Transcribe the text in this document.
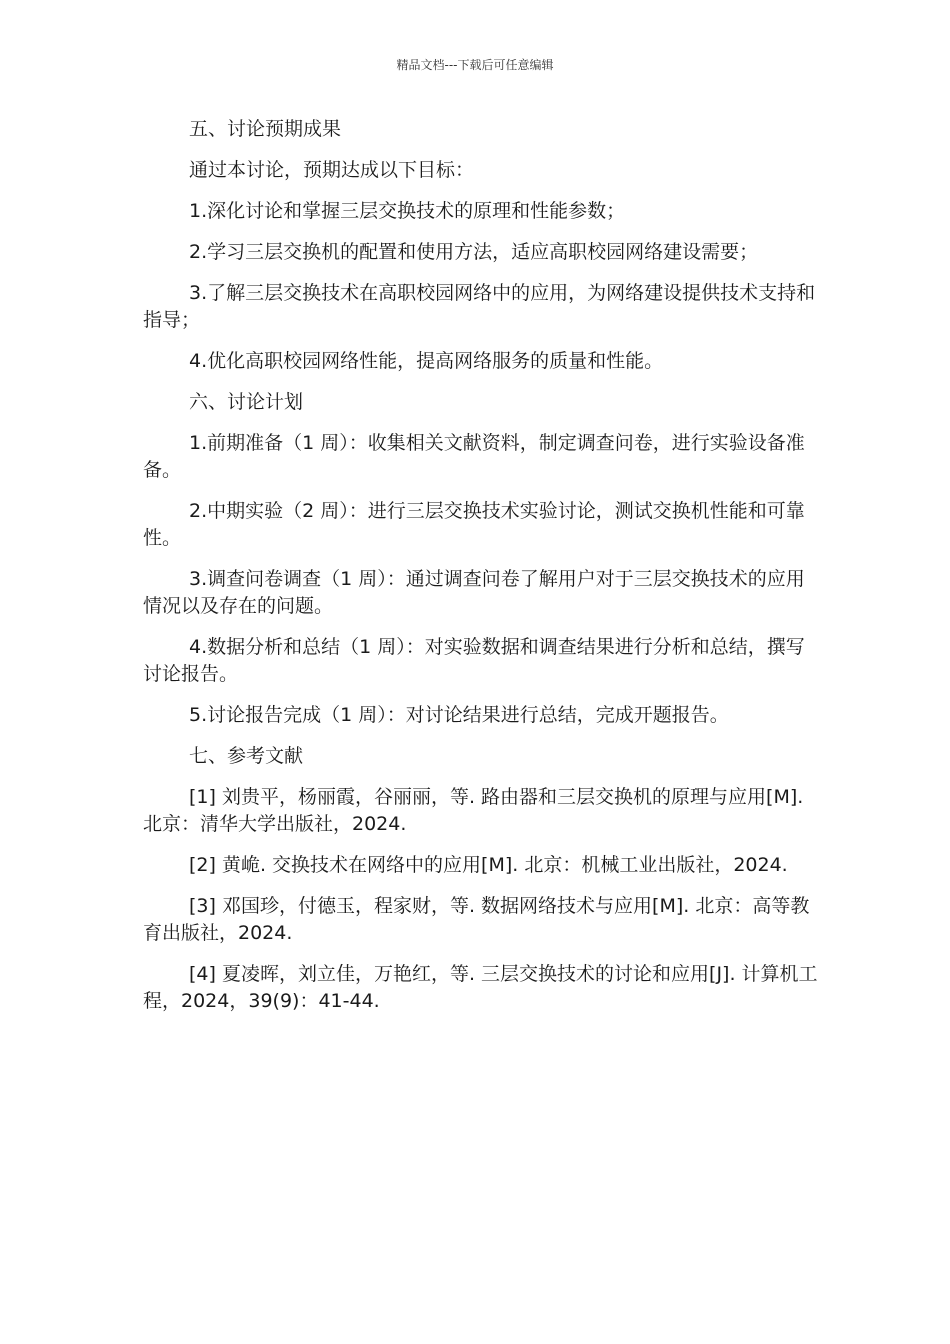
精品文档---下载后可任意编辑

五、讨论预期成果

通过本讨论，预期达成以下目标：

1.深化讨论和掌握三层交换技术的原理和性能参数；

2.学习三层交换机的配置和使用方法，适应高职校园网络建设需要；

3.了解三层交换技术在高职校园网络中的应用，为网络建设提供技术支持和指导；

4.优化高职校园网络性能，提高网络服务的质量和性能。

六、讨论计划

1.前期准备（1 周）：收集相关文献资料，制定调查问卷，进行实验设备准备。

2.中期实验（2 周）：进行三层交换技术实验讨论，测试交换机性能和可靠性。

3.调查问卷调查（1 周）：通过调查问卷了解用户对于三层交换技术的应用情况以及存在的问题。

4.数据分析和总结（1 周）：对实验数据和调查结果进行分析和总结，撰写讨论报告。

5.讨论报告完成（1 周）：对讨论结果进行总结，完成开题报告。

七、参考文献

[1] 刘贵平，杨丽霞，谷丽丽，等. 路由器和三层交换机的原理与应用[M]. 北京：清华大学出版社，2024.

[2] 黄峗. 交换技术在网络中的应用[M]. 北京：机械工业出版社，2024.

[3] 邓国珍，付德玉，程家财，等. 数据网络技术与应用[M]. 北京：高等教育出版社，2024.

[4] 夏凌晖，刘立佳，万艳红，等. 三层交换技术的讨论和应用[J]. 计算机工程，2024，39(9)：41-44.
